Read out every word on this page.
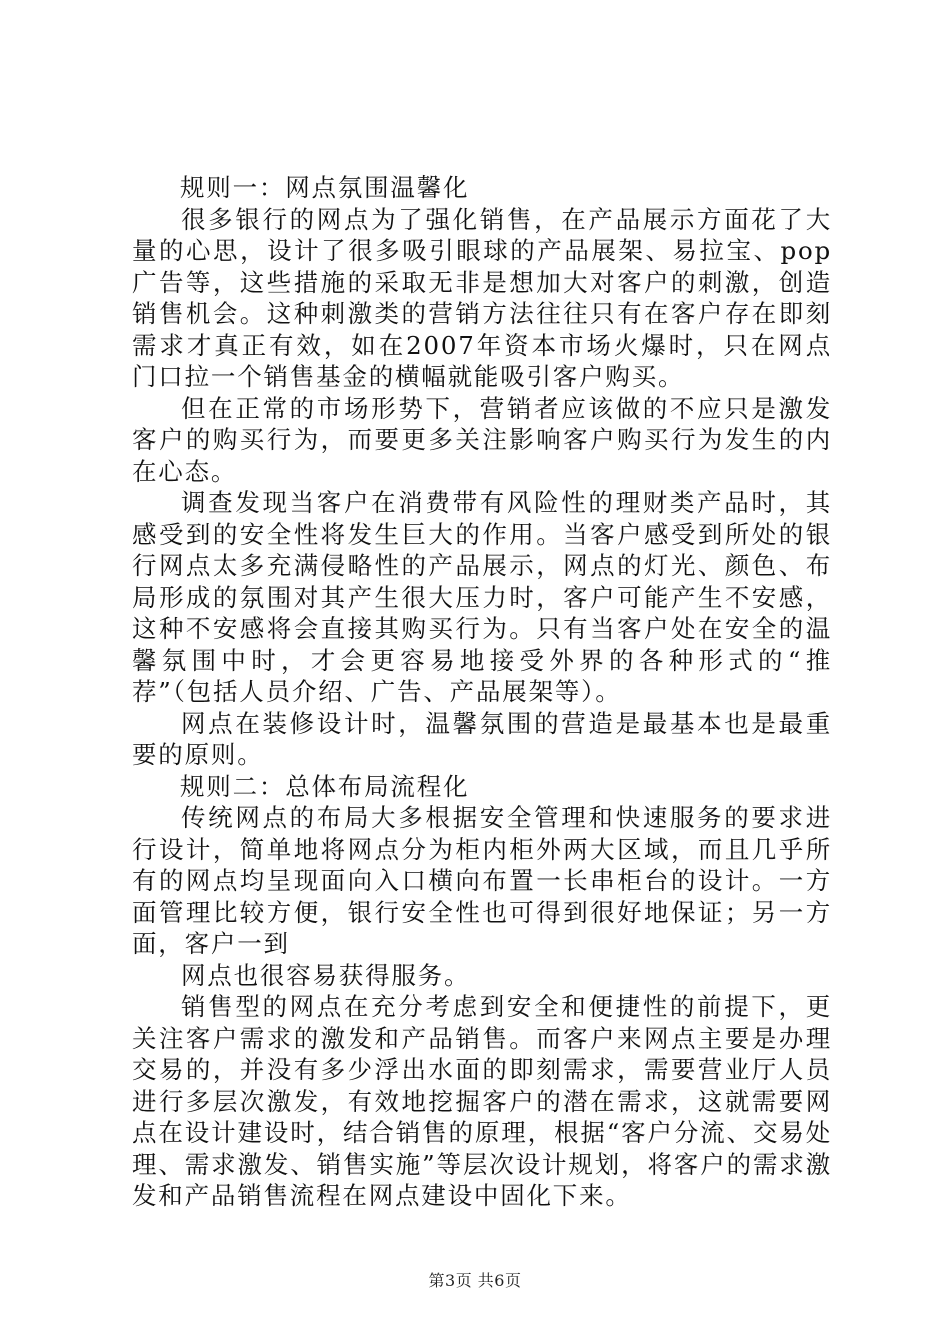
规则一：网点氛围温馨化

很多银行的网点为了强化销售，在产品展示方面花了大量的心思，设计了很多吸引眼球的产品展架、易拉宝、pop广告等，这些措施的采取无非是想加大对客户的刺激，创造销售机会。这种刺激类的营销方法往往只有在客户存在即刻需求才真正有效，如在2007年资本市场火爆时，只在网点门口拉一个销售基金的横幅就能吸引客户购买。

但在正常的市场形势下，营销者应该做的不应只是激发客户的购买行为，而要更多关注影响客户购买行为发生的内在心态。

调查发现当客户在消费带有风险性的理财类产品时，其感受到的安全性将发生巨大的作用。当客户感受到所处的银行网点太多充满侵略性的产品展示，网点的灯光、颜色、布局形成的氛围对其产生很大压力时，客户可能产生不安感，这种不安感将会直接其购买行为。只有当客户处在安全的温馨氛围中时，才会更容易地接受外界的各种形式的“推荐”（包括人员介绍、广告、产品展架等）。

网点在装修设计时，温馨氛围的营造是最基本也是最重要的原则。

规则二：总体布局流程化

传统网点的布局大多根据安全管理和快速服务的要求进行设计，简单地将网点分为柜内柜外两大区域，而且几乎所有的网点均呈现面向入口横向布置一长串柜台的设计。一方面管理比较方便，银行安全性也可得到很好地保证；另一方面，客户一到

网点也很容易获得服务。

销售型的网点在充分考虑到安全和便捷性的前提下，更关注客户需求的激发和产品销售。而客户来网点主要是办理交易的，并没有多少浮出水面的即刻需求，需要营业厅人员进行多层次激发，有效地挖掘客户的潜在需求，这就需要网点在设计建设时，结合销售的原理，根据“客户分流、交易处理、需求激发、销售实施”等层次设计规划，将客户的需求激发和产品销售流程在网点建设中固化下来。

第3页 共6页
